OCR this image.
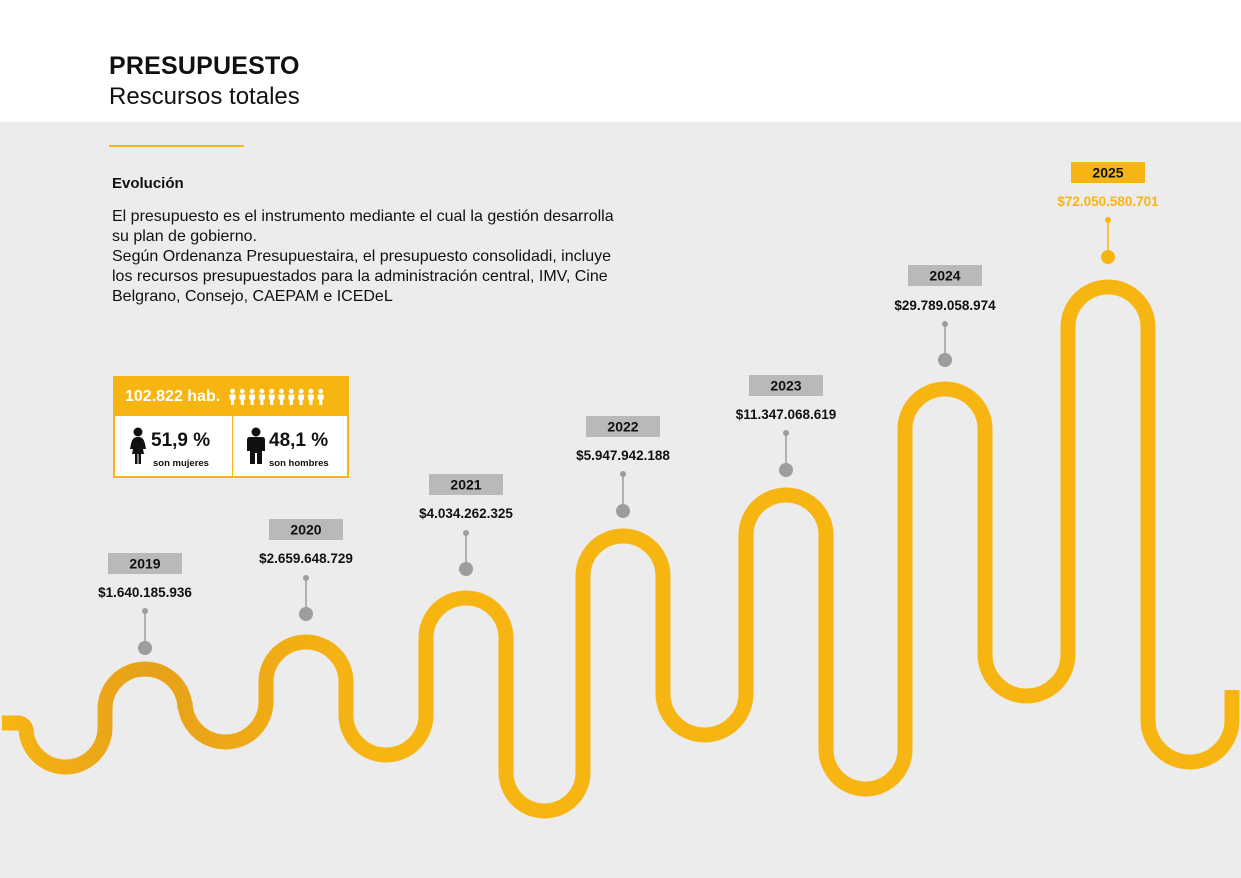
PRESUPUESTO
Rescursos totales
Evolución

El presupuesto es el instrumento mediante el cual la gestión desarrolla su plan de gobierno.

Según Ordenanza Presupuestaira, el presupuesto consolidadi, incluye los recursos presupuestados para la administración central, IMV, Cine Belgrano, Consejo, CAEPAM e ICEDeL

102.822 hab.
51,9 %
son mujeres
48,1 %
son hombres
2019
$1.640.185.936
2020
$2.659.648.729
2021
$4.034.262.325
2022
$5.947.942.188
2023
$11.347.068.619
2024
$29.789.058.974
2025
$72.050.580.701
